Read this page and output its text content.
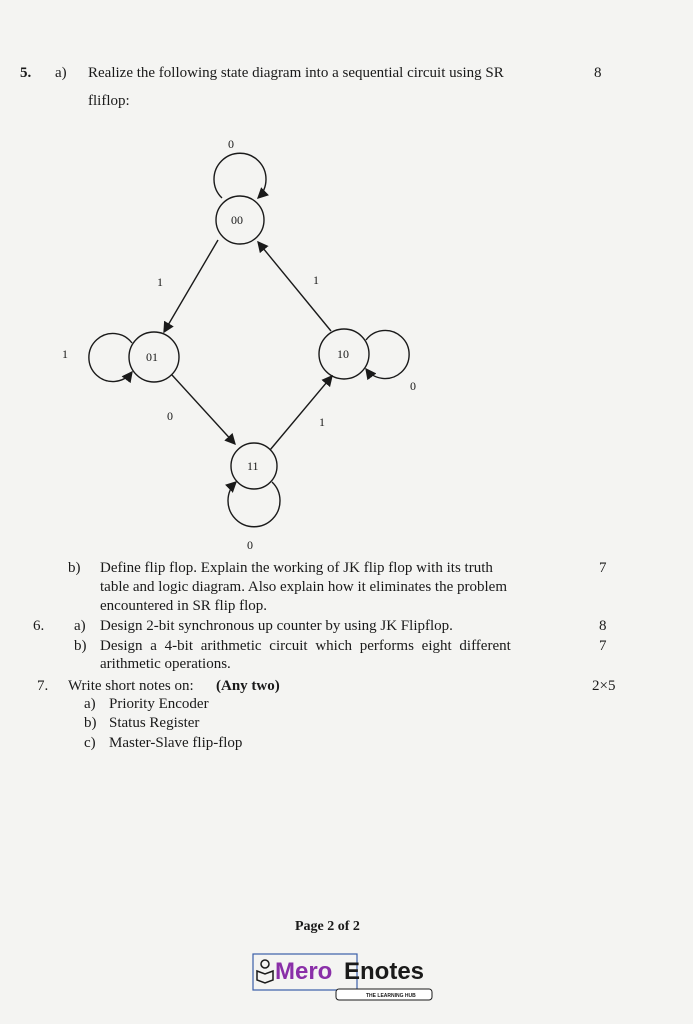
5. a) Realize the following state diagram into a sequential circuit using SR
fliflop:
8
00
01	10
11
0
1
0
0
1	1
0	1
b) Define flip flop. Explain the working of JK flip flop with its truth
table and logic diagram. Also explain how it eliminates the problem
encountered in SR flip flop.
7
6. a) Design 2-bit synchronous up counter by using JK Flipflop.	8
b) Design a 4-bit arithmetic circuit which performs eight different
arithmetic operations.
7
7. Write short notes on: (Any two)	2×5
a) Priority Encoder
b) Status Register
c) Master-Slave flip-flop
Page 2 of 2
Mero Enotes
THE LEARNING HUB
